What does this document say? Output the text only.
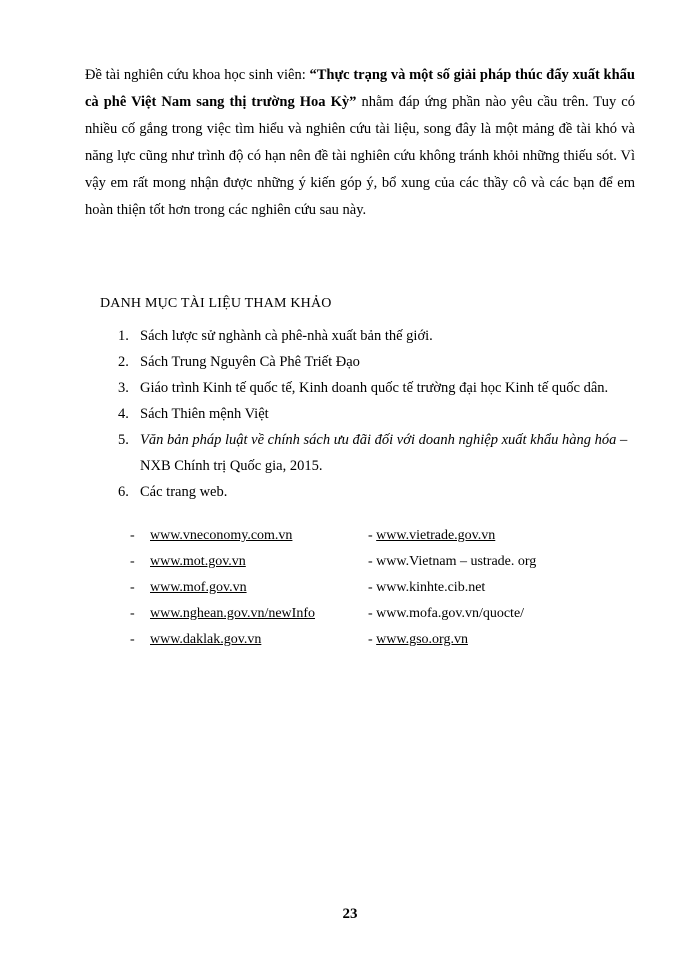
Đề tài nghiên cứu khoa học sinh viên: “Thực trạng và một số giải pháp thúc đẩy xuất khẩu cà phê Việt Nam sang thị trường Hoa Kỳ” nhằm đáp ứng phần nào yêu cầu trên. Tuy có nhiều cố gắng trong việc tìm hiểu và nghiên cứu tài liệu, song đây là một mảng đề tài khó và năng lực cũng như trình độ có hạn nên đề tài nghiên cứu không tránh khỏi những thiếu sót. Vì vậy em rất mong nhận được những ý kiến góp ý, bổ xung của các thầy cô và các bạn để em hoàn thiện tốt hơn trong các nghiên cứu sau này.

DANH MỤC TÀI LIỆU THAM KHẢO
1. Sách lược sử nghành cà phê-nhà xuất bản thế giới.
2. Sách Trung Nguyên Cà Phê Triết Đạo
3. Giáo trình Kinh tế quốc tế, Kinh doanh quốc tế trường đại học Kinh tế quốc dân.
4. Sách Thiên mệnh Việt
5. Văn bản pháp luật về chính sách ưu đãi đối với doanh nghiệp xuất khẩu hàng hóa – NXB Chính trị Quốc gia, 2015.
6. Các trang web.
- www.vneconomy.com.vn	- www.vietrade.gov.vn
- www.mot.gov.vn	- www.Vietnam – ustrade. org
- www.mof.gov.vn	- www.kinhte.cib.net
- www.nghean.gov.vn/newInfo	- www.mofa.gov.vn/quocte/
- www.daklak.gov.vn	- www.gso.org.vn
23
